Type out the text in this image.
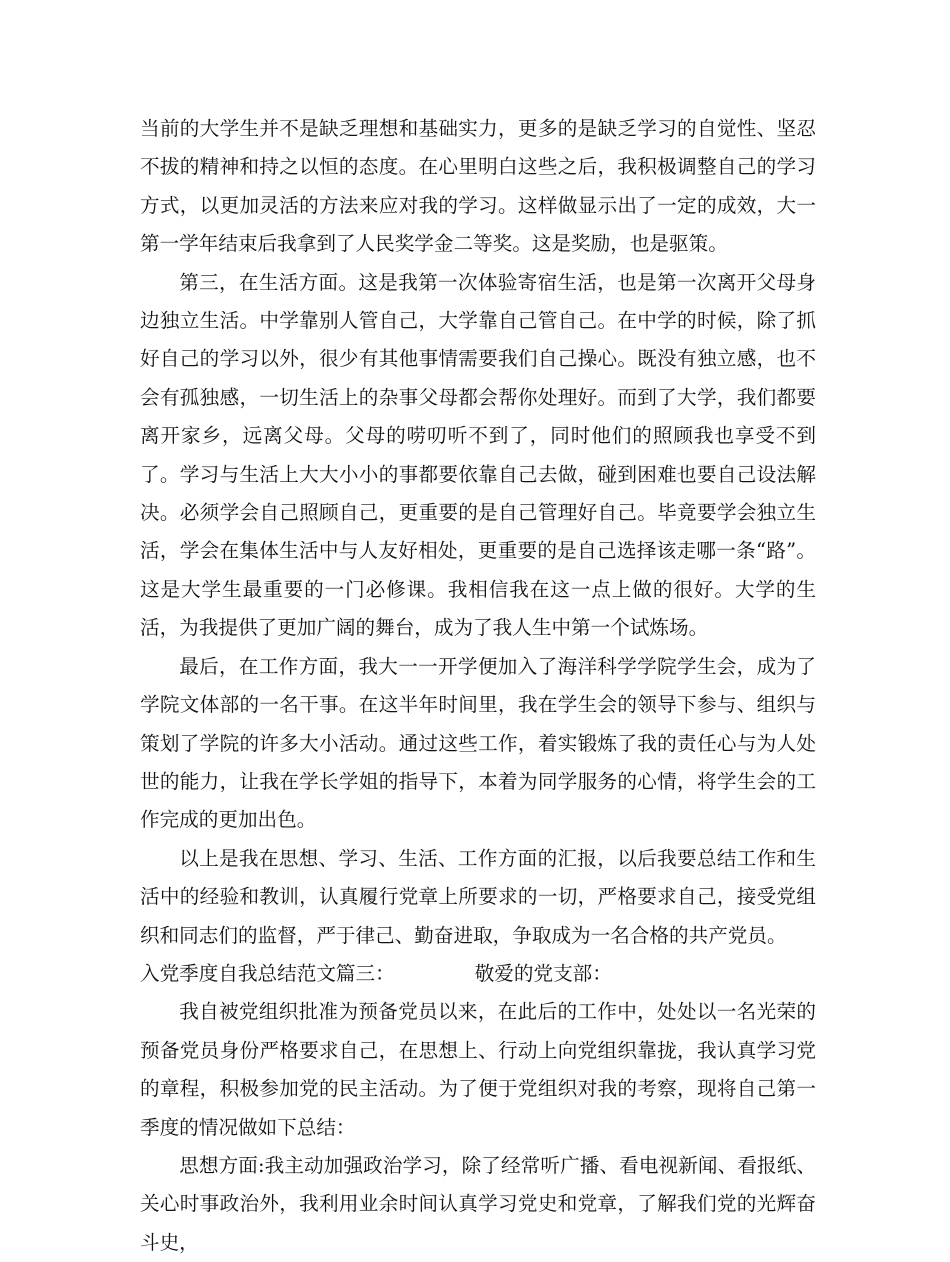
当前的大学生并不是缺乏理想和基础实力，更多的是缺乏学习的自觉性、坚忍不拔的精神和持之以恒的态度。在心里明白这些之后，我积极调整自己的学习方式，以更加灵活的方法来应对我的学习。这样做显示出了一定的成效，大一第一学年结束后我拿到了人民奖学金二等奖。这是奖励，也是驱策。

第三，在生活方面。这是我第一次体验寄宿生活，也是第一次离开父母身边独立生活。中学靠别人管自己，大学靠自己管自己。在中学的时候，除了抓好自己的学习以外，很少有其他事情需要我们自己操心。既没有独立感，也不会有孤独感，一切生活上的杂事父母都会帮你处理好。而到了大学，我们都要离开家乡，远离父母。父母的唠叨听不到了，同时他们的照顾我也享受不到了。学习与生活上大大小小的事都要依靠自己去做，碰到困难也要自己设法解决。必须学会自己照顾自己，更重要的是自己管理好自己。毕竟要学会独立生活，学会在集体生活中与人友好相处，更重要的是自己选择该走哪一条“路”。这是大学生最重要的一门必修课。我相信我在这一点上做的很好。大学的生活，为我提供了更加广阔的舞台，成为了我人生中第一个试炼场。

最后，在工作方面，我大一一开学便加入了海洋科学学院学生会，成为了学院文体部的一名干事。在这半年时间里，我在学生会的领导下参与、组织与策划了学院的许多大小活动。通过这些工作，着实锻炼了我的责任心与为人处世的能力，让我在学长学姐的指导下，本着为同学服务的心情，将学生会的工作完成的更加出色。

以上是我在思想、学习、生活、工作方面的汇报，以后我要总结工作和生活中的经验和教训，认真履行党章上所要求的一切，严格要求自己，接受党组织和同志们的监督，严于律己、勤奋进取，争取成为一名合格的共产党员。

入党季度自我总结范文篇三：	敬爱的党支部：

我自被党组织批准为预备党员以来，在此后的工作中，处处以一名光荣的预备党员身份严格要求自己，在思想上、行动上向党组织靠拢，我认真学习党的章程，积极参加党的民主活动。为了便于党组织对我的考察，现将自己第一季度的情况做如下总结：

思想方面:我主动加强政治学习，除了经常听广播、看电视新闻、看报纸、关心时事政治外，我利用业余时间认真学习党史和党章，了解我们党的光辉奋斗史，
